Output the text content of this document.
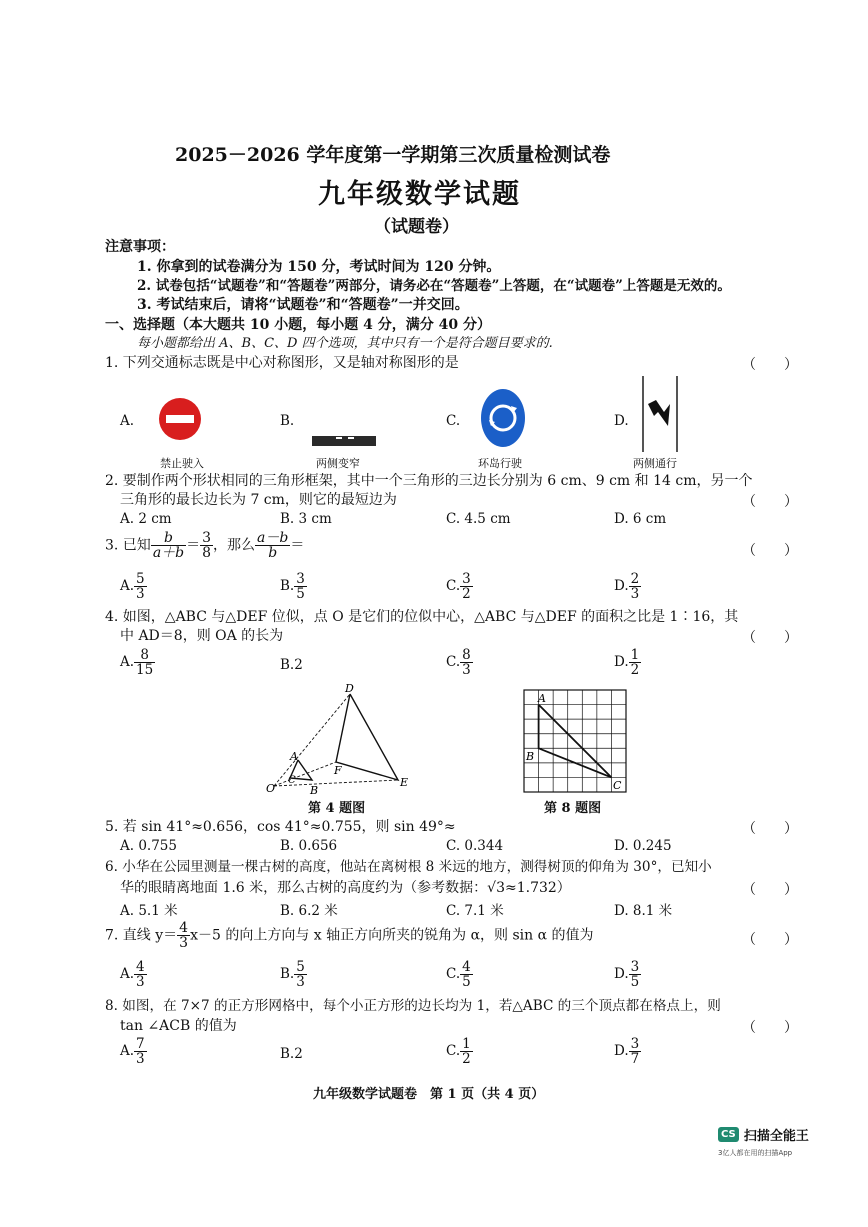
2025－2026 学年度第一学期第三次质量检测试卷
九年级数学试题
（试题卷）
注意事项：
1. 你拿到的试卷满分为 150 分，考试时间为 120 分钟。
2. 试卷包括“试题卷”和“答题卷”两部分，请务必在“答题卷”上答题，在“试题卷”上答题是无效的。
3. 考试结束后，请将“试题卷”和“答题卷”一并交回。
一、选择题（本大题共 10 小题，每小题 4 分，满分 40 分）
每小题都给出 A、B、C、D 四个选项，其中只有一个是符合题目要求的.
1. 下列交通标志既是中心对称图形，又是轴对称图形的是	（　　）
A.	B.	C.	D.
禁止驶入	两侧变窄	环岛行驶	两侧通行
2. 要制作两个形状相同的三角形框架，其中一个三角形的三边长分别为 6 cm、9 cm 和 14 cm，另一个
三角形的最长边长为 7 cm，则它的最短边为	（　　）
A. 2 cm	B. 3 cm	C. 4.5 cm	D. 6 cm
3. 已知 $\frac{b}{a+b} = \frac{3}{8}$ ，那么 $\frac{a-b}{b}$ ＝	（　　）
A. $\frac{5}{3}$	B. $\frac{3}{5}$	C. $\frac{3}{2}$	D. $\frac{2}{3}$
4. 如图，△ABC 与△DEF 位似，点 O 是它们的位似中心，△ABC 与△DEF 的面积之比是 1∶16，其
中 AD＝8，则 OA 的长为	（　　）
A. $\frac{8}{15}$	B.2	C. $\frac{8}{3}$	D. $\frac{1}{2}$
D
A
F
C
O	B
E
第 4 题图
A
B
C
第 8 题图
5. 若 sin 41°≈0.656，cos 41°≈0.755，则 sin 49°≈	（　　）
A. 0.755	B. 0.656	C. 0.344	D. 0.245
6. 小华在公园里测量一棵古树的高度，他站在离树根 8 米远的地方，测得树顶的仰角为 30°，已知小
华的眼睛离地面 1.6 米，那么古树的高度约为（参考数据：√3≈1.732）	（　　）
A. 5.1 米	B. 6.2 米	C. 7.1 米	D. 8.1 米
7. 直线 $y= \frac{4}{3} x-5$ 的向上方向与 x 轴正方向所夹的锐角为 α，则 sin α 的值为	（　　）
A. $\frac{4}{3}$	B. $\frac{5}{3}$	C. $\frac{4}{5}$	D. $\frac{3}{5}$
8. 如图，在 7×7 的正方形网格中，每个小正方形的边长均为 1，若△ABC 的三个顶点都在格点上，则
tan ∠ACB 的值为	（　　）
A. $\frac{7}{3}$	B.2	C. $\frac{1}{2}$	D. $\frac{3}{7}$
九年级数学试题卷　第 1 页（共 4 页）
CS 扫描全能王
3亿人都在用的扫描App
